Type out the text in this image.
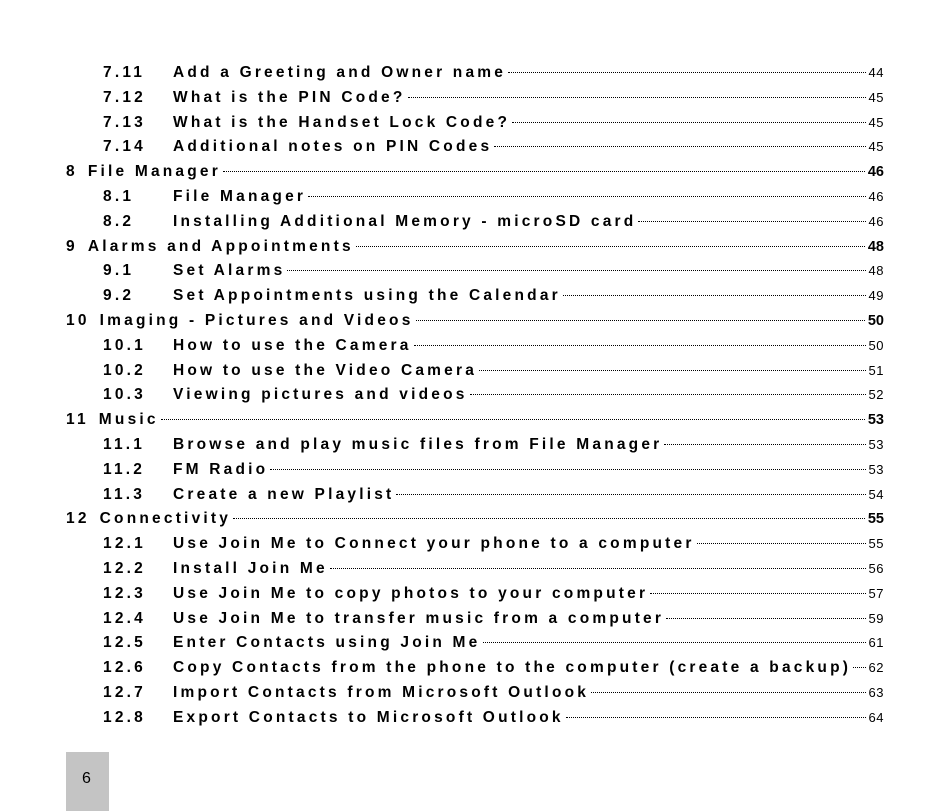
7.11	Add a Greeting and Owner name	44
7.12	What is the PIN Code?	45
7.13	What is the Handset Lock Code?	45
7.14	Additional notes on PIN Codes	45
8 File Manager	46
8.1	File Manager	46
8.2	Installing Additional Memory - microSD card	46
9 Alarms and Appointments	48
9.1	Set Alarms	48
9.2	Set Appointments using the Calendar	49
10 Imaging - Pictures and Videos	50
10.1	How to use the Camera	50
10.2	How to use the Video Camera	51
10.3	Viewing pictures and videos	52
11 Music	53
11.1	Browse and play music files from File Manager	53
11.2	FM Radio	53
11.3	Create a new Playlist	54
12 Connectivity	55
12.1	Use Join Me to Connect your phone to a computer	55
12.2	Install Join Me	56
12.3	Use Join Me to copy photos to your computer	57
12.4	Use Join Me to transfer music from a computer	59
12.5	Enter Contacts using Join Me	61
12.6	Copy Contacts from the phone to the computer (create a backup) 62
12.7	Import Contacts from Microsoft Outlook	63
12.8	Export Contacts to Microsoft Outlook	64
6
